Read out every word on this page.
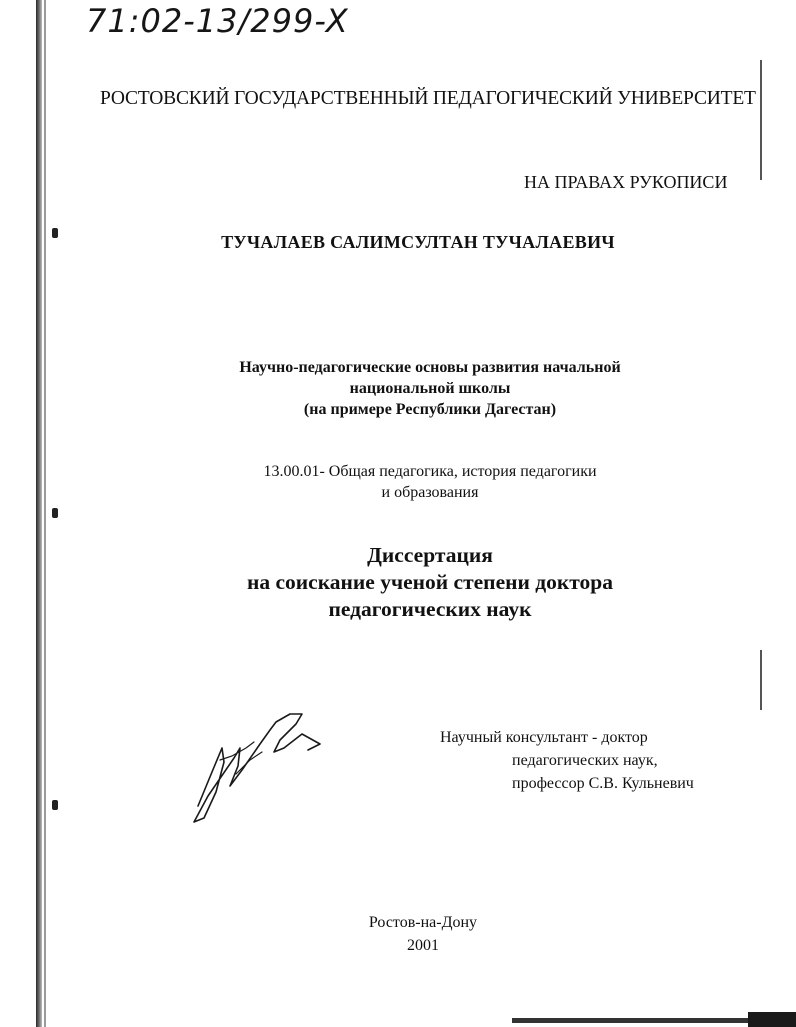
71:02-13/299-X
РОСТОВСКИЙ ГОСУДАРСТВЕННЫЙ ПЕДАГОГИЧЕСКИЙ УНИВЕРСИТЕТ
НА ПРАВАХ РУКОПИСИ
ТУЧАЛАЕВ САЛИМСУЛТАН ТУЧАЛАЕВИЧ
Научно-педагогические основы развития начальной
национальной школы
(на примере Республики Дагестан)
13.00.01- Общая педагогика, история педагогики
и образования
Диссертация
на соискание ученой степени доктора
педагогических наук
Научный консультант - доктор
педагогических наук,
профессор С.В. Кульневич
Ростов-на-Дону
2001
